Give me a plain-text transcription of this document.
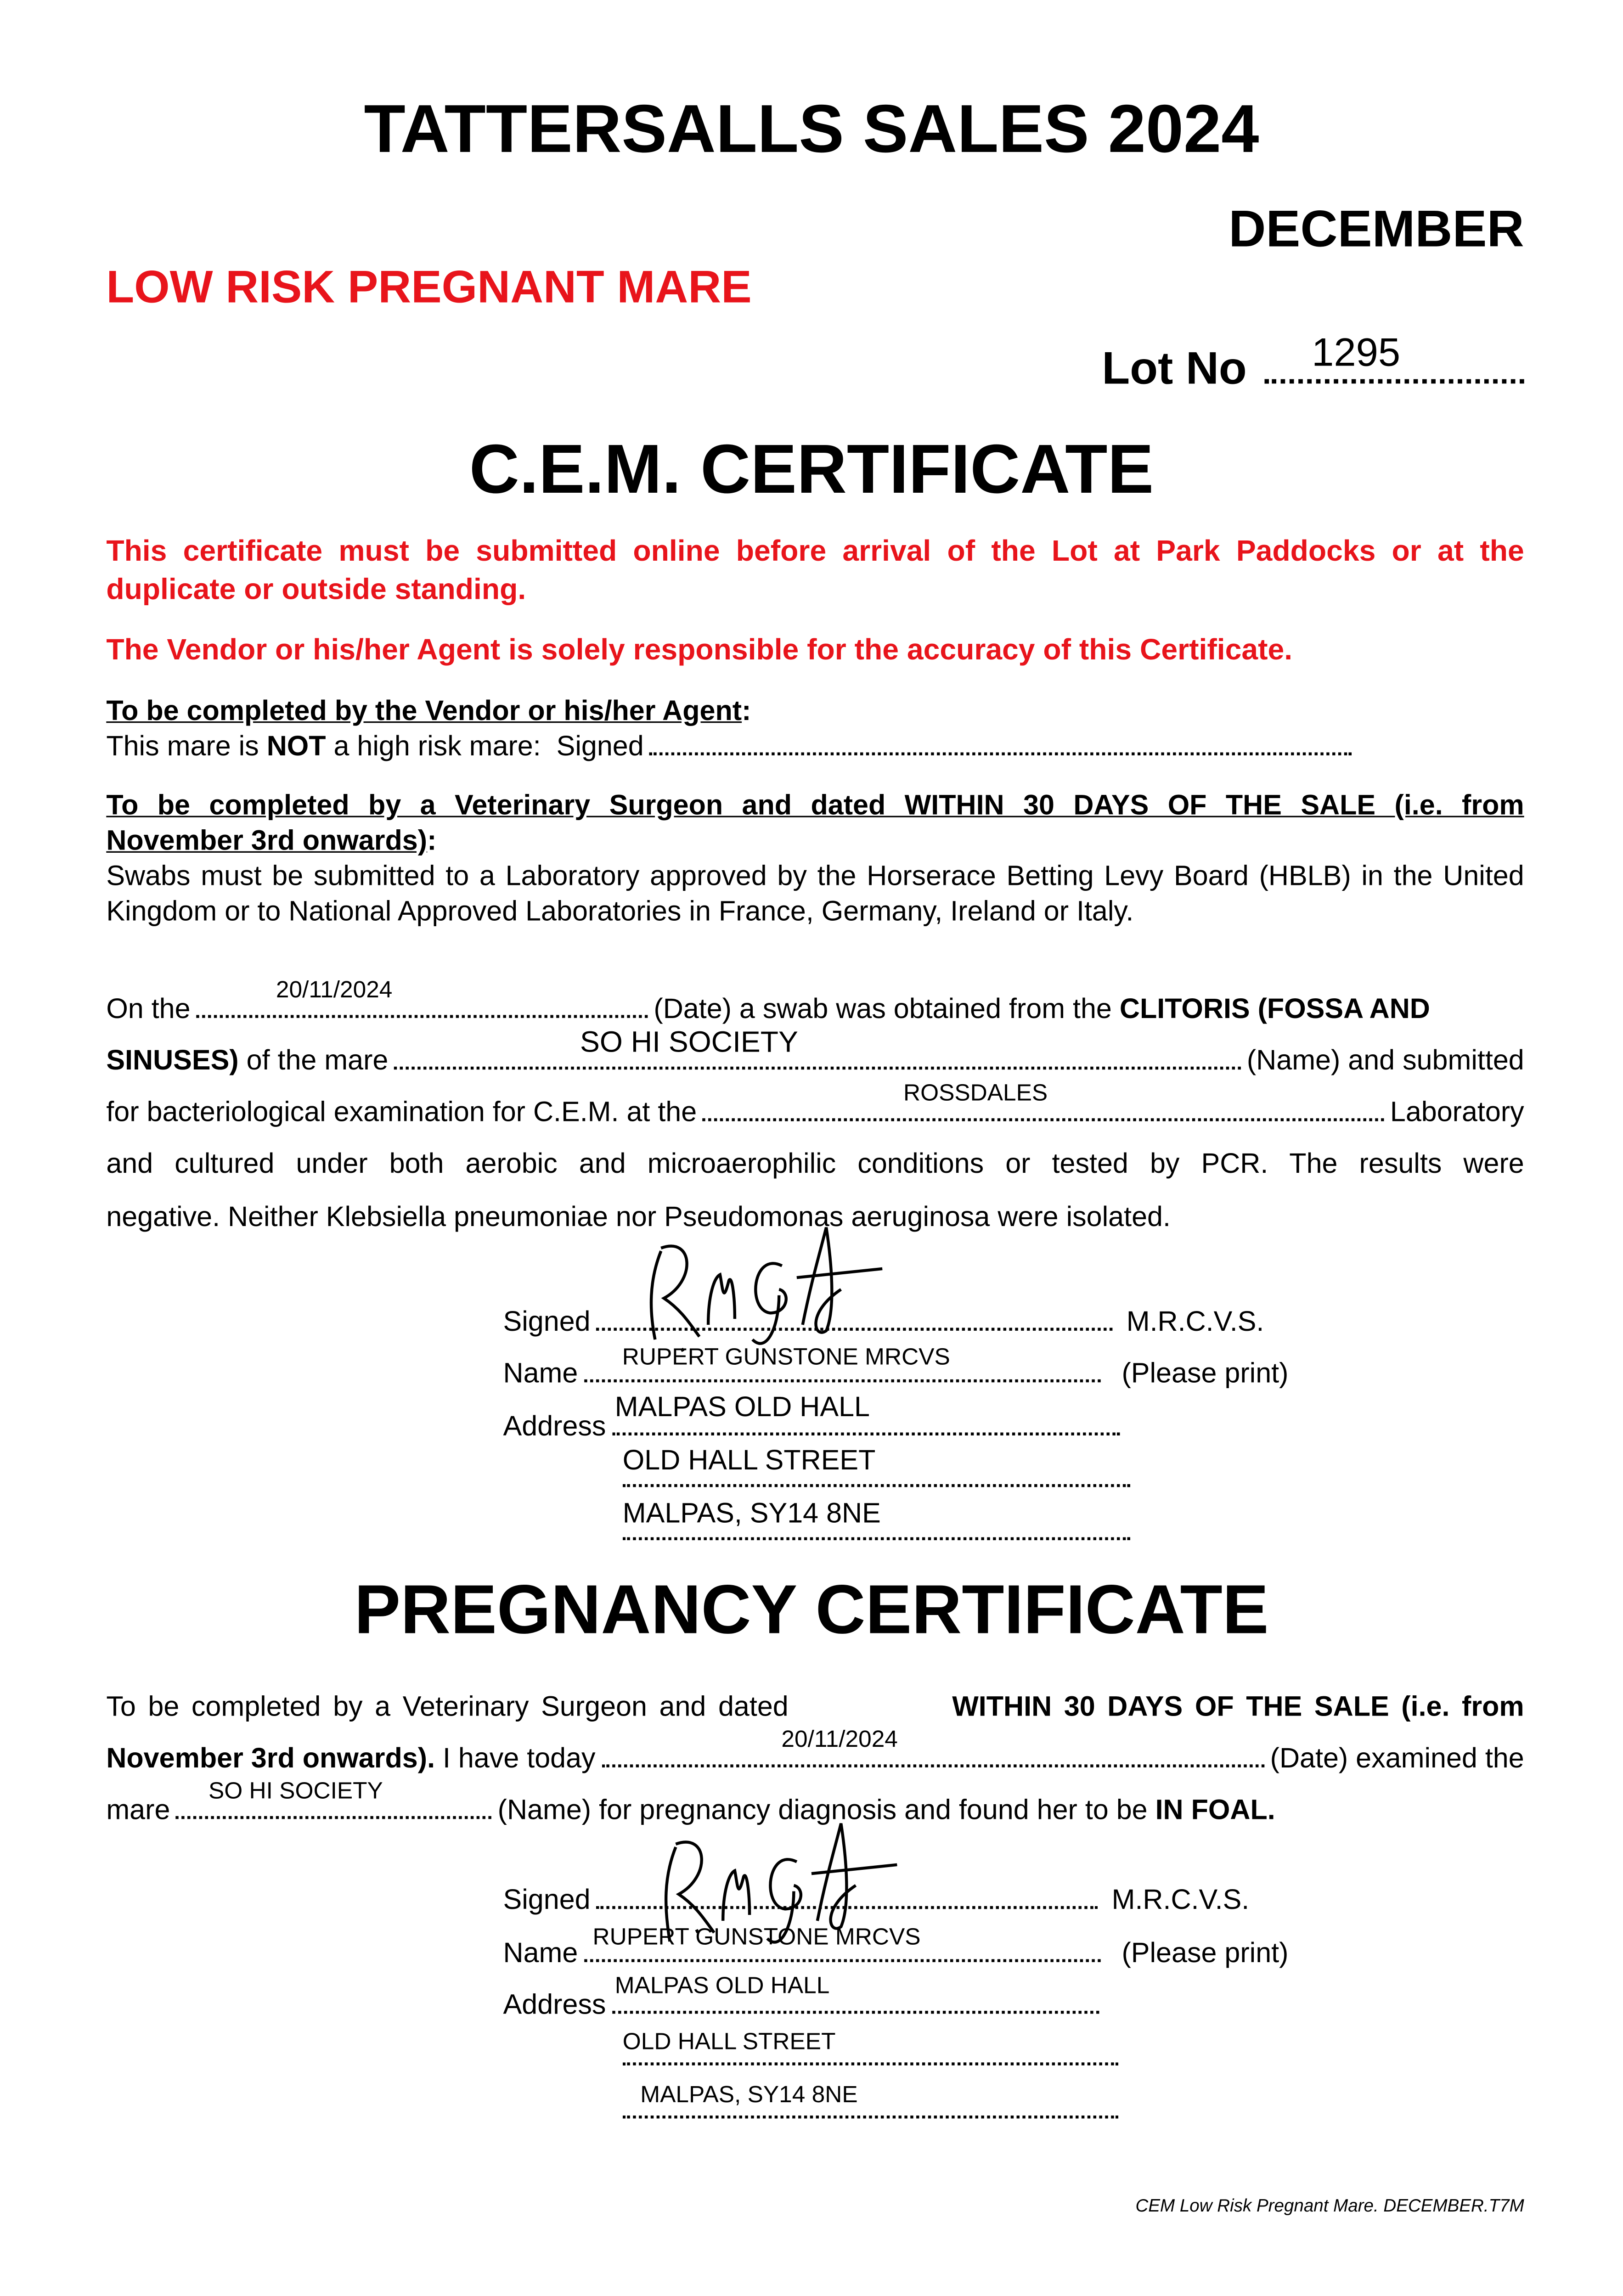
TATTERSALLS SALES 2024
DECEMBER
LOW RISK PREGNANT MARE
Lot No	1295
C.E.M. CERTIFICATE
This certificate must be submitted online before arrival of the Lot at Park Paddocks or at the duplicate or outside standing.
The Vendor or his/her Agent is solely responsible for the accuracy of this Certificate.
To be completed by the Vendor or his/her Agent :
This mare is NOT a high risk mare:  Signed
To be completed by a Veterinary Surgeon and dated WITHIN 30 DAYS OF THE SALE (i.e. from
November 3rd onwards) :
Swabs must be submitted to a Laboratory approved by the Horserace Betting Levy Board (HBLB) in the United Kingdom or to National Approved Laboratories in France, Germany, Ireland or Italy.
On the
20/11/2024
(Date) a swab was obtained from the
CLITORIS (FOSSA AND
SINUSES)
of the mare
SO HI SOCIETY
(Name) and submitted
for bacteriological examination for C.E.M. at the
ROSSDALES
Laboratory
and cultured under both aerobic and microaerophilic conditions or tested by PCR. The results were
negative. Neither Klebsiella pneumoniae nor Pseudomonas aeruginosa were isolated.
Signed
	M.R.C.V.S.
Name
RUPERT GUNSTONE MRCVS

(Please print)
Address
MALPAS OLD HALL
OLD HALL STREET
MALPAS, SY14 8NE
PREGNANCY CERTIFICATE
To be completed by a Veterinary Surgeon and dated	WITHIN 30 DAYS OF THE SALE (i.e. from
November 3rd onwards).
I have today
20/11/2024
(Date) examined the
mare
SO HI SOCIETY
(Name) for pregnancy diagnosis and found her to be
IN FOAL.
Signed
	M.R.C.V.S.
Name
RUPERT GUNSTONE MRCVS

(Please print)
Address
MALPAS OLD HALL
OLD HALL STREET
MALPAS, SY14 8NE
CEM Low Risk Pregnant Mare. DECEMBER.T7M
